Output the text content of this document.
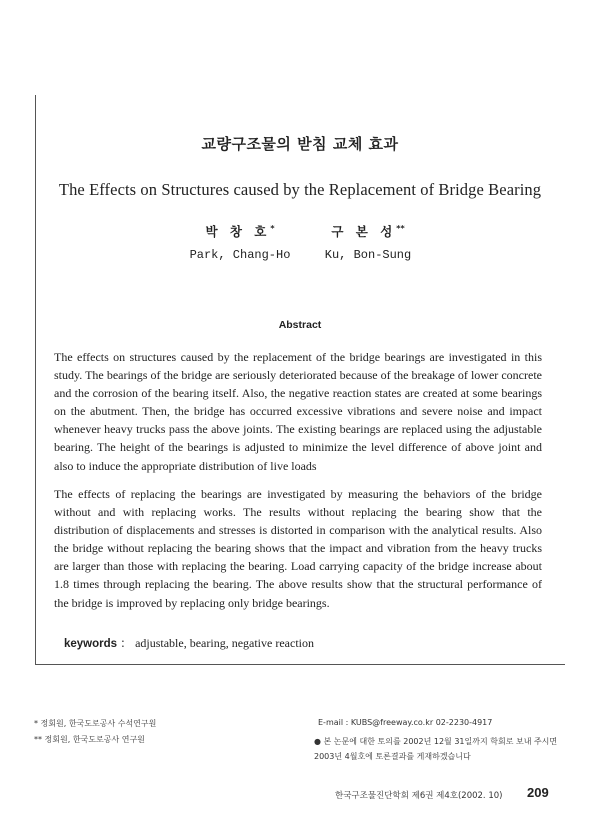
교량구조물의 받침 교체 효과
The Effects on Structures caused by the Replacement of Bridge Bearing
박 창 호*
Park, Chang-Ho
구 본 성**
Ku, Bon-Sung
Abstract
The effects on structures caused by the replacement of the bridge bearings are investigated in this study. The bearings of the bridge are seriously deteriorated because of the breakage of lower concrete and the corrosion of the bearing itself. Also, the negative reaction states are created at some bearings on the abutment. Then, the bridge has occurred excessive vibrations and severe noise and impact whenever heavy trucks pass the above joints. The existing bearings are replaced using the adjustable bearing. The height of the bearings is adjusted to minimize the level difference of above joint and also to induce the appropriate distribution of live loads
The effects of replacing the bearings are investigated by measuring the behaviors of the bridge without and with replacing works. The results without replacing the bearing show that the distribution of displacements and stresses is distorted in comparison with the analytical results. Also the bridge without replacing the bearing shows that the impact and vibration from the heavy trucks are larger than those with replacing the bearing. Load carrying capacity of the bridge increase about 1.8 times through replacing the bearing. The above results show that the structural performance of the bridge is improved by replacing only bridge bearings.
keywords ： adjustable, bearing, negative reaction
* 정회원, 한국도로공사 수석연구원
** 정회원, 한국도로공사 연구원
E-mail : KUBS@freeway.co.kr 02-2230-4917
● 본 논문에 대한 토의를 2002년 12월 31일까지 학회로 보내 주시면 2003년 4월호에 토론결과를 게재하겠습니다
한국구조물진단학회 제6권 제4호(2002. 10) 209
